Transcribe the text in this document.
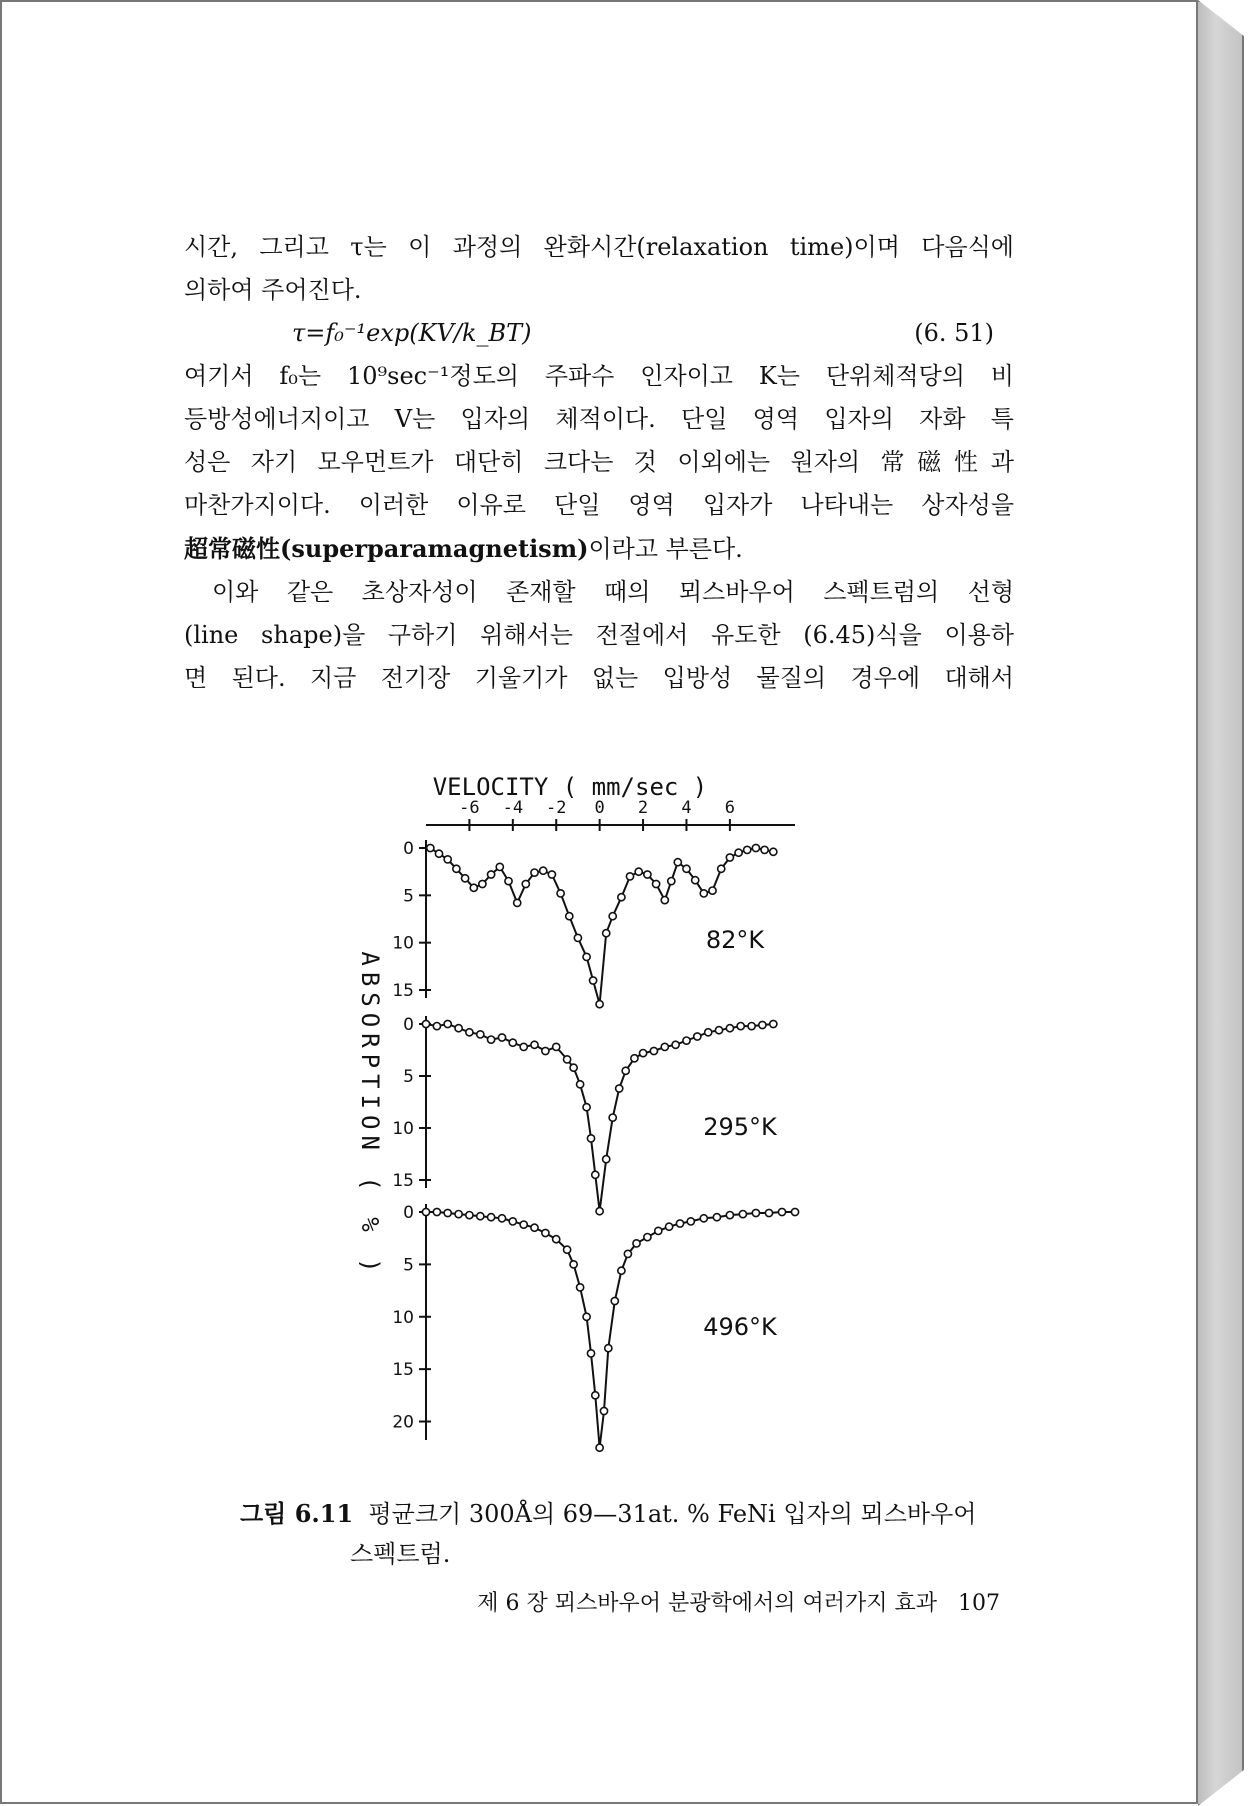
시간, 그리고 τ는 이 과정의 완화시간(relaxation time)이며 다음식에

의하여 주어진다.

τ=f₀⁻¹exp(KV/k_BT)	(6. 51)

여기서 f₀는 10⁹sec⁻¹정도의 주파수 인자이고 K는 단위체적당의 비

등방성에너지이고 V는 입자의 체적이다. 단일 영역 입자의 자화 특

성은 자기 모우먼트가 대단히 크다는 것 이외에는 원자의 常磁性과

마찬가지이다. 이러한 이유로 단일 영역 입자가 나타내는 상자성을

超常磁性(superparamagnetism)이라고 부른다.

이와 같은 초상자성이 존재할 때의 뫼스바우어 스펙트럼의 선형

(line shape)을 구하기 위해서는 전절에서 유도한 (6.45)식을 이용하

면 된다. 지금 전기장 기울기가 없는 입방성 물질의 경우에 대해서

VELOCITY ( mm/sec )
ABSORPTION ( % )
-6 -4 -2 0 2 4 6
0
5
10
15
82°K
0
5
10
15
295°K
0
5
10
15
20
496°K
그림 6.11 평균크기 300Å의 69—31at. % FeNi 입자의 뫼스바우어
스펙트럼.
제 6 장 뫼스바우어 분광학에서의 여러가지 효과 107
